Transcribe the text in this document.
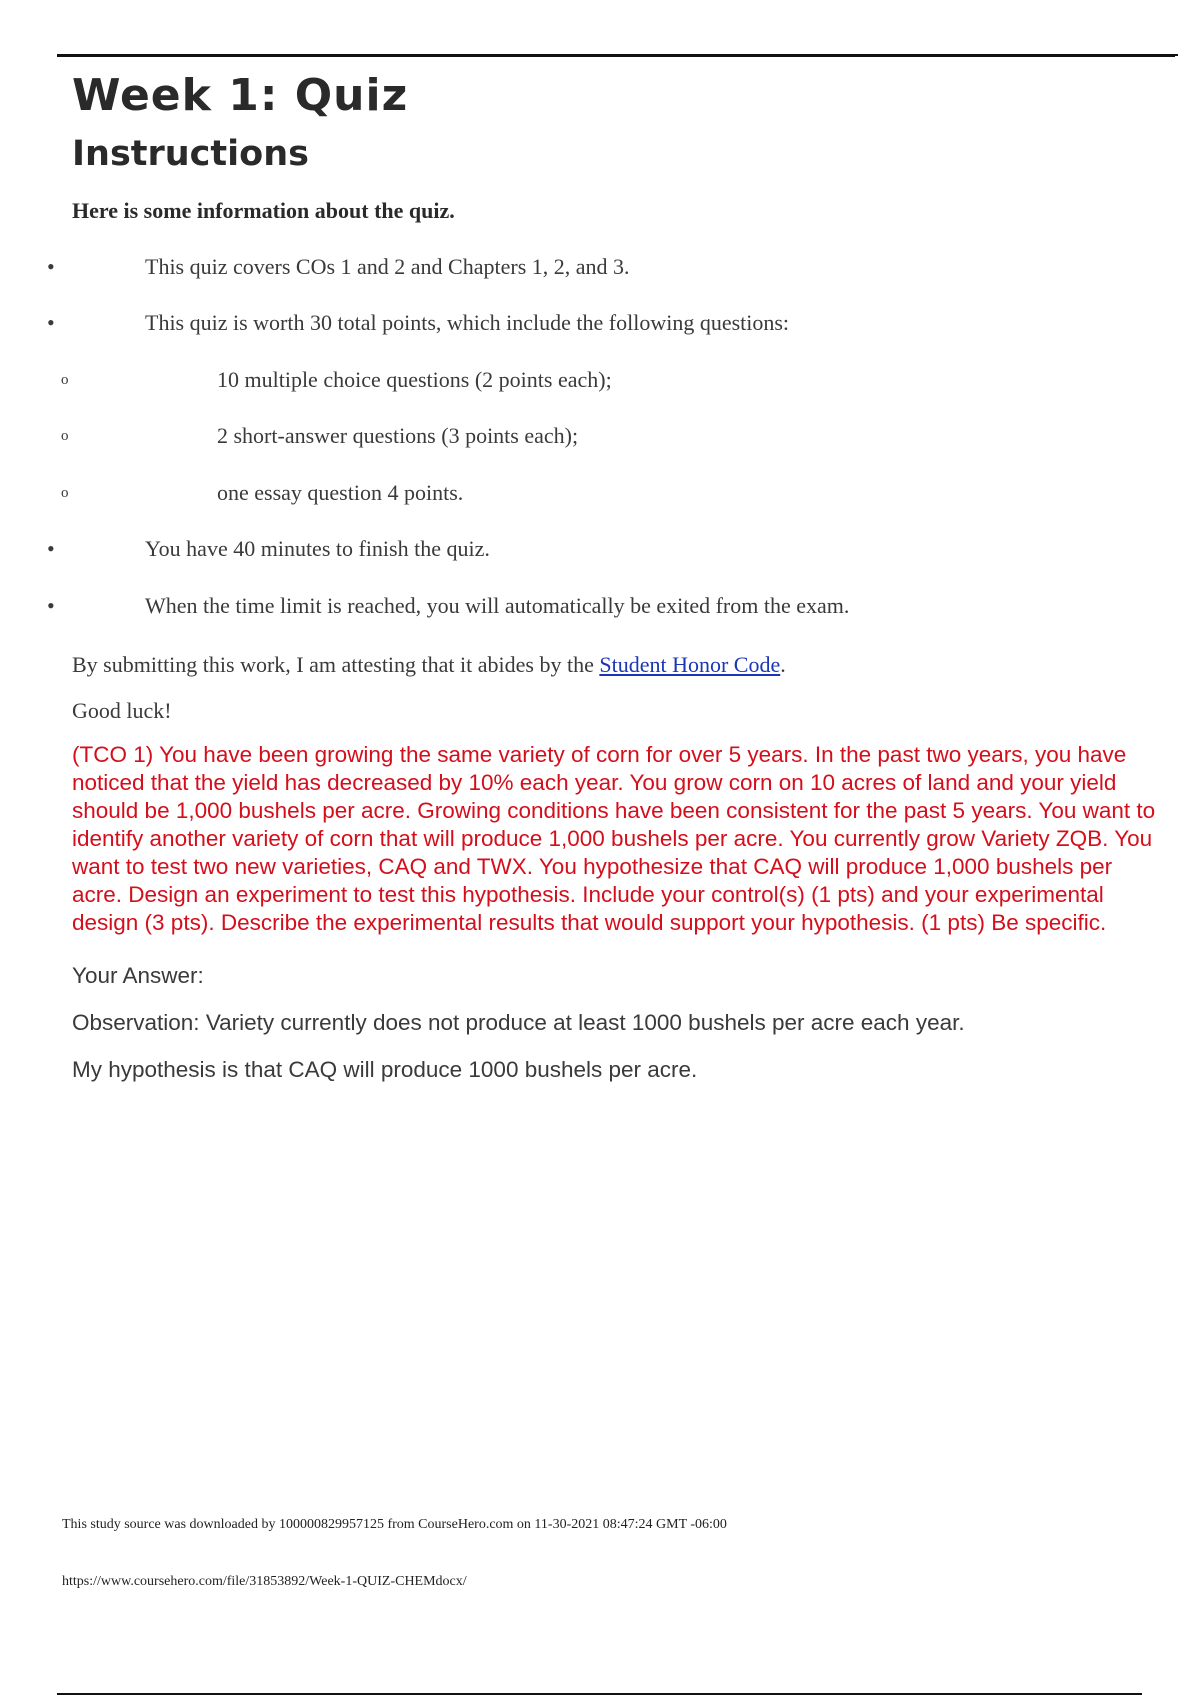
Week 1: Quiz
Instructions

Here is some information about the quiz.

•	This quiz covers COs 1 and 2 and Chapters 1, 2, and 3.
•	This quiz is worth 30 total points, which include the following questions:
o	10 multiple choice questions (2 points each);
o	2 short-answer questions (3 points each);
o	one essay question 4 points.
•	You have 40 minutes to finish the quiz.
•	When the time limit is reached, you will automatically be exited from the exam.

By submitting this work, I am attesting that it abides by the Student Honor Code.

Good luck!

(TCO 1) You have been growing the same variety of corn for over 5 years. In the past two years, you have noticed that the yield has decreased by 10% each year. You grow corn on 10 acres of land and your yield should be 1,000 bushels per acre. Growing conditions have been consistent for the past 5 years. You want to identify another variety of corn that will produce 1,000 bushels per acre. You currently grow Variety ZQB. You want to test two new varieties, CAQ and TWX. You hypothesize that CAQ will produce 1,000 bushels per acre. Design an experiment to test this hypothesis. Include your control(s) (1 pts) and your experimental design (3 pts). Describe the experimental results that would support your hypothesis. (1 pts) Be specific.

Your Answer:

Observation: Variety currently does not produce at least 1000 bushels per acre each year.

My hypothesis is that CAQ will produce 1000 bushels per acre.

This study source was downloaded by 100000829957125 from CourseHero.com on 11-30-2021 08:47:24 GMT -06:00

https://www.coursehero.com/file/31853892/Week-1-QUIZ-CHEMdocx/
